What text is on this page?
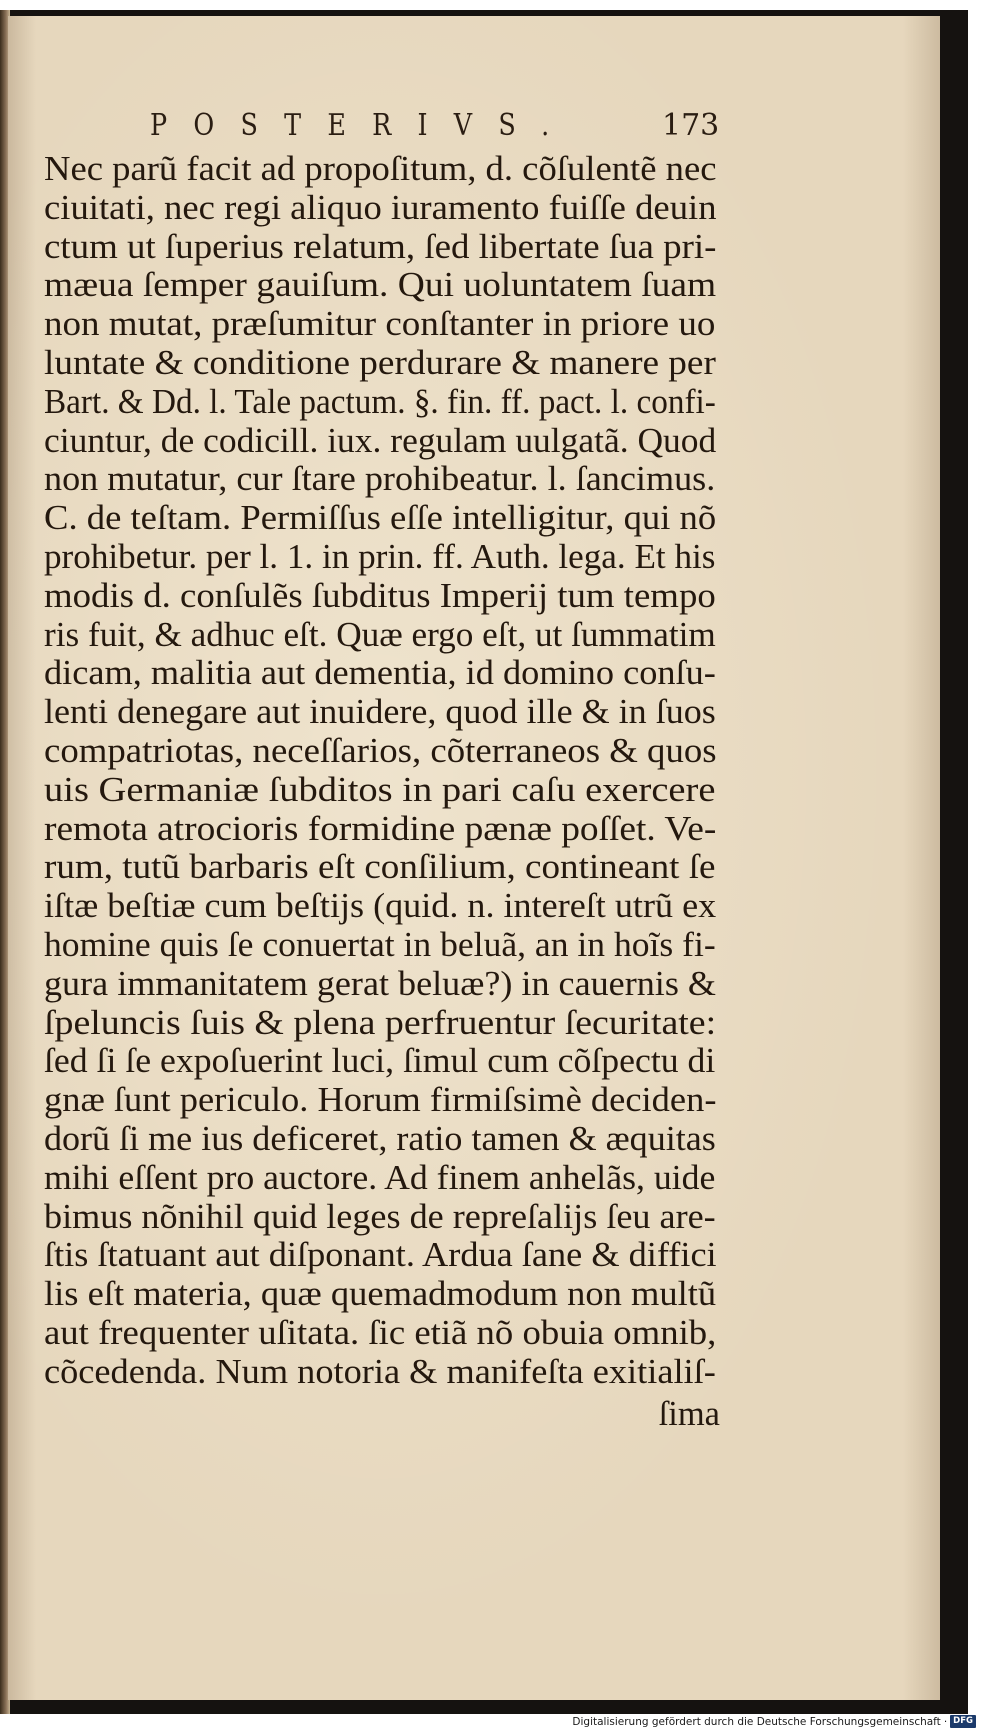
POSTERIVS.	173
Nec parũ facit ad propoſitum, d. cõſulentẽ nec
ciuitati, nec regi aliquo iuramento fuiſſe deuin
ctum ut ſuperius relatum, ſed libertate ſua pri-
mæua ſemper gauiſum. Qui uoluntatem ſuam
non mutat, præſumitur conſtanter in priore uo
luntate & conditione perdurare & manere per
Bart. & Dd. l. Tale pactum. §. fin. ff. pact. l. confi-
ciuntur, de codicill. iux. regulam uulgatã. Quod
non mutatur, cur ſtare prohibeatur. l. ſancimus.
C. de teſtam. Permiſſus eſſe intelligitur, qui nõ
prohibetur. per l. 1. in prin. ff. Auth. lega. Et his
modis d. conſulẽs ſubditus Imperij tum tempo
ris fuit, & adhuc eſt. Quæ ergo eſt, ut ſummatim
dicam, malitia aut dementia, id domino conſu-
lenti denegare aut inuidere, quod ille & in ſuos
compatriotas, neceſſarios, cõterraneos & quos
uis Germaniæ ſubditos in pari caſu exercere
remota atrocioris formidine pænæ poſſet. Ve-
rum, tutũ barbaris eſt conſilium, contineant ſe
iſtæ beſtiæ cum beſtijs (quid. n. intereſt utrũ ex
homine quis ſe conuertat in beluã, an in hoĩs fi-
gura immanitatem gerat beluæ?) in cauernis &
ſpeluncis ſuis & plena perfruentur ſecuritate:
ſed ſi ſe expoſuerint luci, ſimul cum cõſpectu di
gnæ ſunt periculo. Horum firmiſsimè deciden-
dorũ ſi me ius deficeret, ratio tamen & æquitas
mihi eſſent pro auctore. Ad finem anhelãs, uide
bimus nõnihil quid leges de repreſalijs ſeu are-
ſtis ſtatuant aut diſponant. Ardua ſane & diffici
lis eſt materia, quæ quemadmodum non multũ
aut frequenter uſitata. ſic etiã nõ obuia omnib,
cõcedenda. Num notoria & manifeſta exitialiſ-
ſima
Digitalisierung gefördert durch die Deutsche Forschungsgemeinschaft · DFG
